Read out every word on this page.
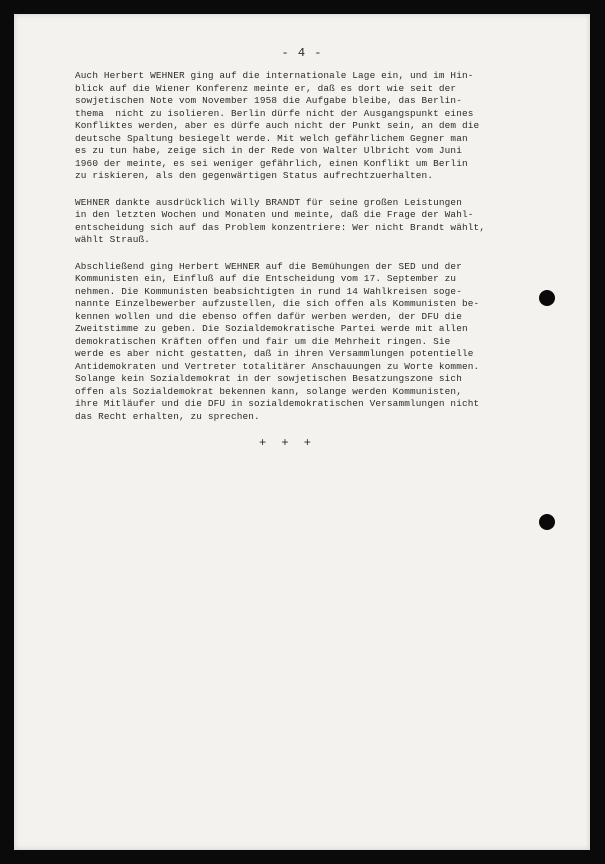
- 4 -
Auch Herbert WEHNER ging auf die internationale Lage ein, und im Hin-
blick auf die Wiener Konferenz meinte er, daß es dort wie seit der
sowjetischen Note vom November 1958 die Aufgabe bleibe, das Berlin-
thema  nicht zu isolieren. Berlin dürfe nicht der Ausgangspunkt eines
Konfliktes werden, aber es dürfe auch nicht der Punkt sein, an dem die
deutsche Spaltung besiegelt werde. Mit welch gefährlichem Gegner man
es zu tun habe, zeige sich in der Rede von Walter Ulbricht vom Juni
1960 der meinte, es sei weniger gefährlich, einen Konflikt um Berlin
zu riskieren, als den gegenwärtigen Status aufrechtzuerhalten.
WEHNER dankte ausdrücklich Willy BRANDT für seine großen Leistungen
in den letzten Wochen und Monaten und meinte, daß die Frage der Wahl-
entscheidung sich auf das Problem konzentriere: Wer nicht Brandt wählt,
wählt Strauß.
Abschließend ging Herbert WEHNER auf die Bemühungen der SED und der
Kommunisten ein, Einfluß auf die Entscheidung vom 17. September zu
nehmen. Die Kommunisten beabsichtigten in rund 14 Wahlkreisen soge-
nannte Einzelbewerber aufzustellen, die sich offen als Kommunisten be-
kennen wollen und die ebenso offen dafür werben werden, der DFU die
Zweitstimme zu geben. Die Sozialdemokratische Partei werde mit allen
demokratischen Kräften offen und fair um die Mehrheit ringen. Sie
werde es aber nicht gestatten, daß in ihren Versammlungen potentielle
Antidemokraten und Vertreter totalitärer Anschauungen zu Worte kommen.
Solange kein Sozialdemokrat in der sowjetischen Besatzungszone sich
offen als Sozialdemokrat bekennen kann, solange werden Kommunisten,
ihre Mitläufer und die DFU in sozialdemokratischen Versammlungen nicht
das Recht erhalten, zu sprechen.
+ + +
